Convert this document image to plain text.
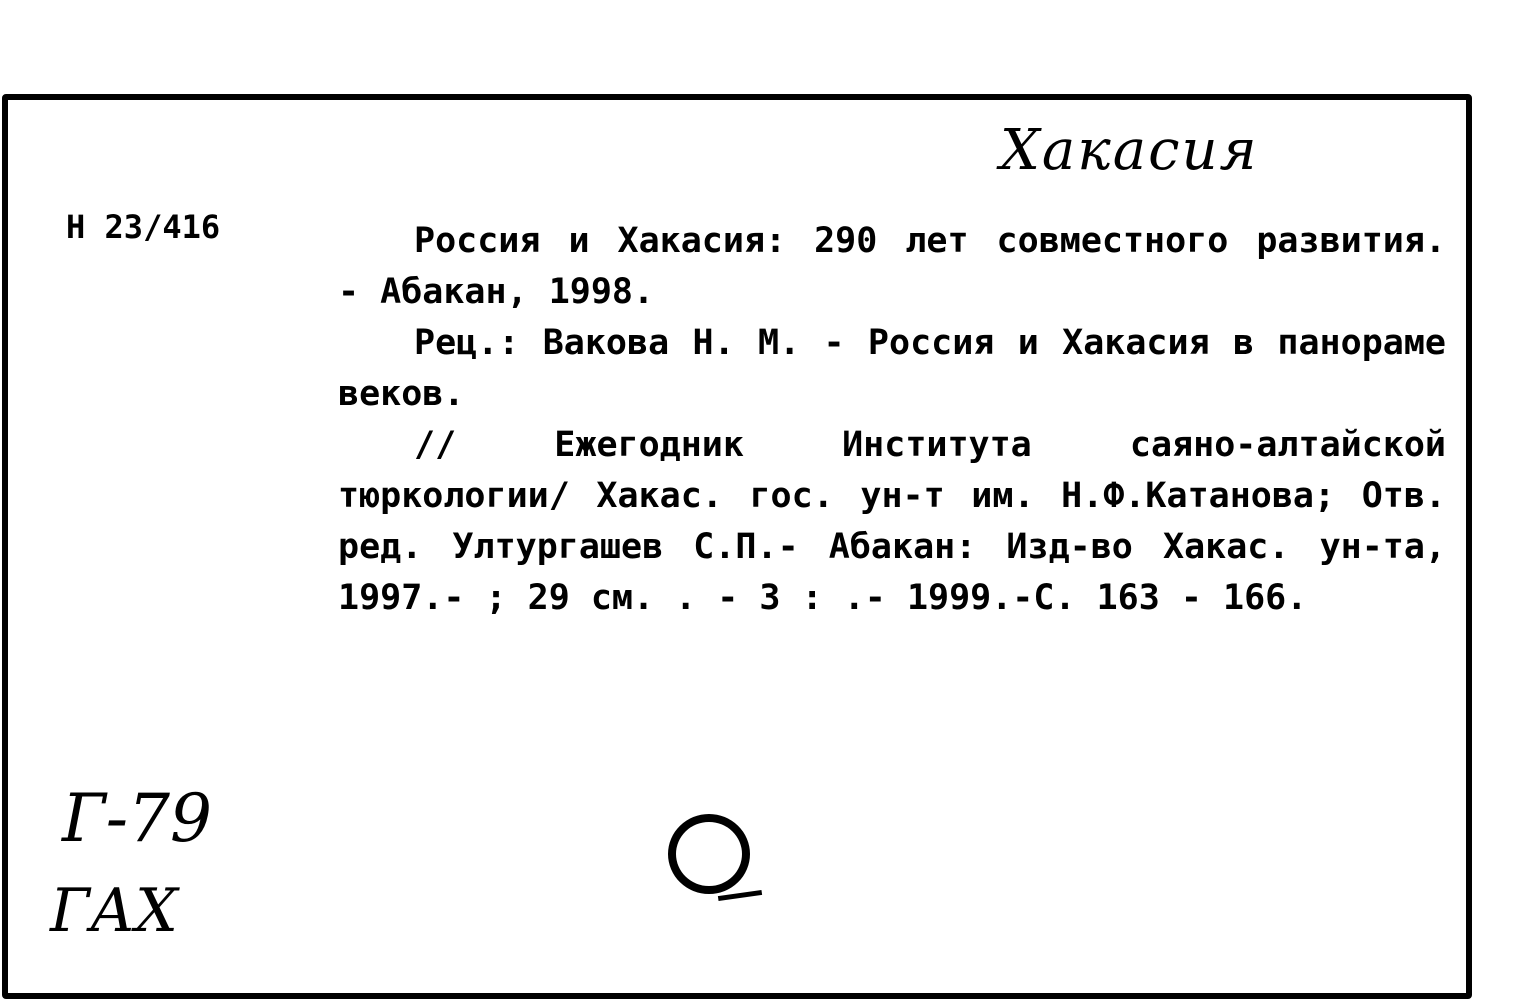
Хакасия
Н 23/416	Россия и Хакасия: 290 лет совместного развития. - Абакан, 1998.

Рец.: Вакова Н. М. - Россия и Хакасия в панораме веков.

// Ежегодник Института саяно-алтайской тюркологии/ Хакас. гос. ун-т им. Н.Ф.Катанова; Отв. ред. Ултургашев С.П.- Абакан: Изд-во Хакас. ун-та, 1997.- ; 29 см. . - 3 : .- 1999.-С. 163 - 166.

Г-79
ГАХ
